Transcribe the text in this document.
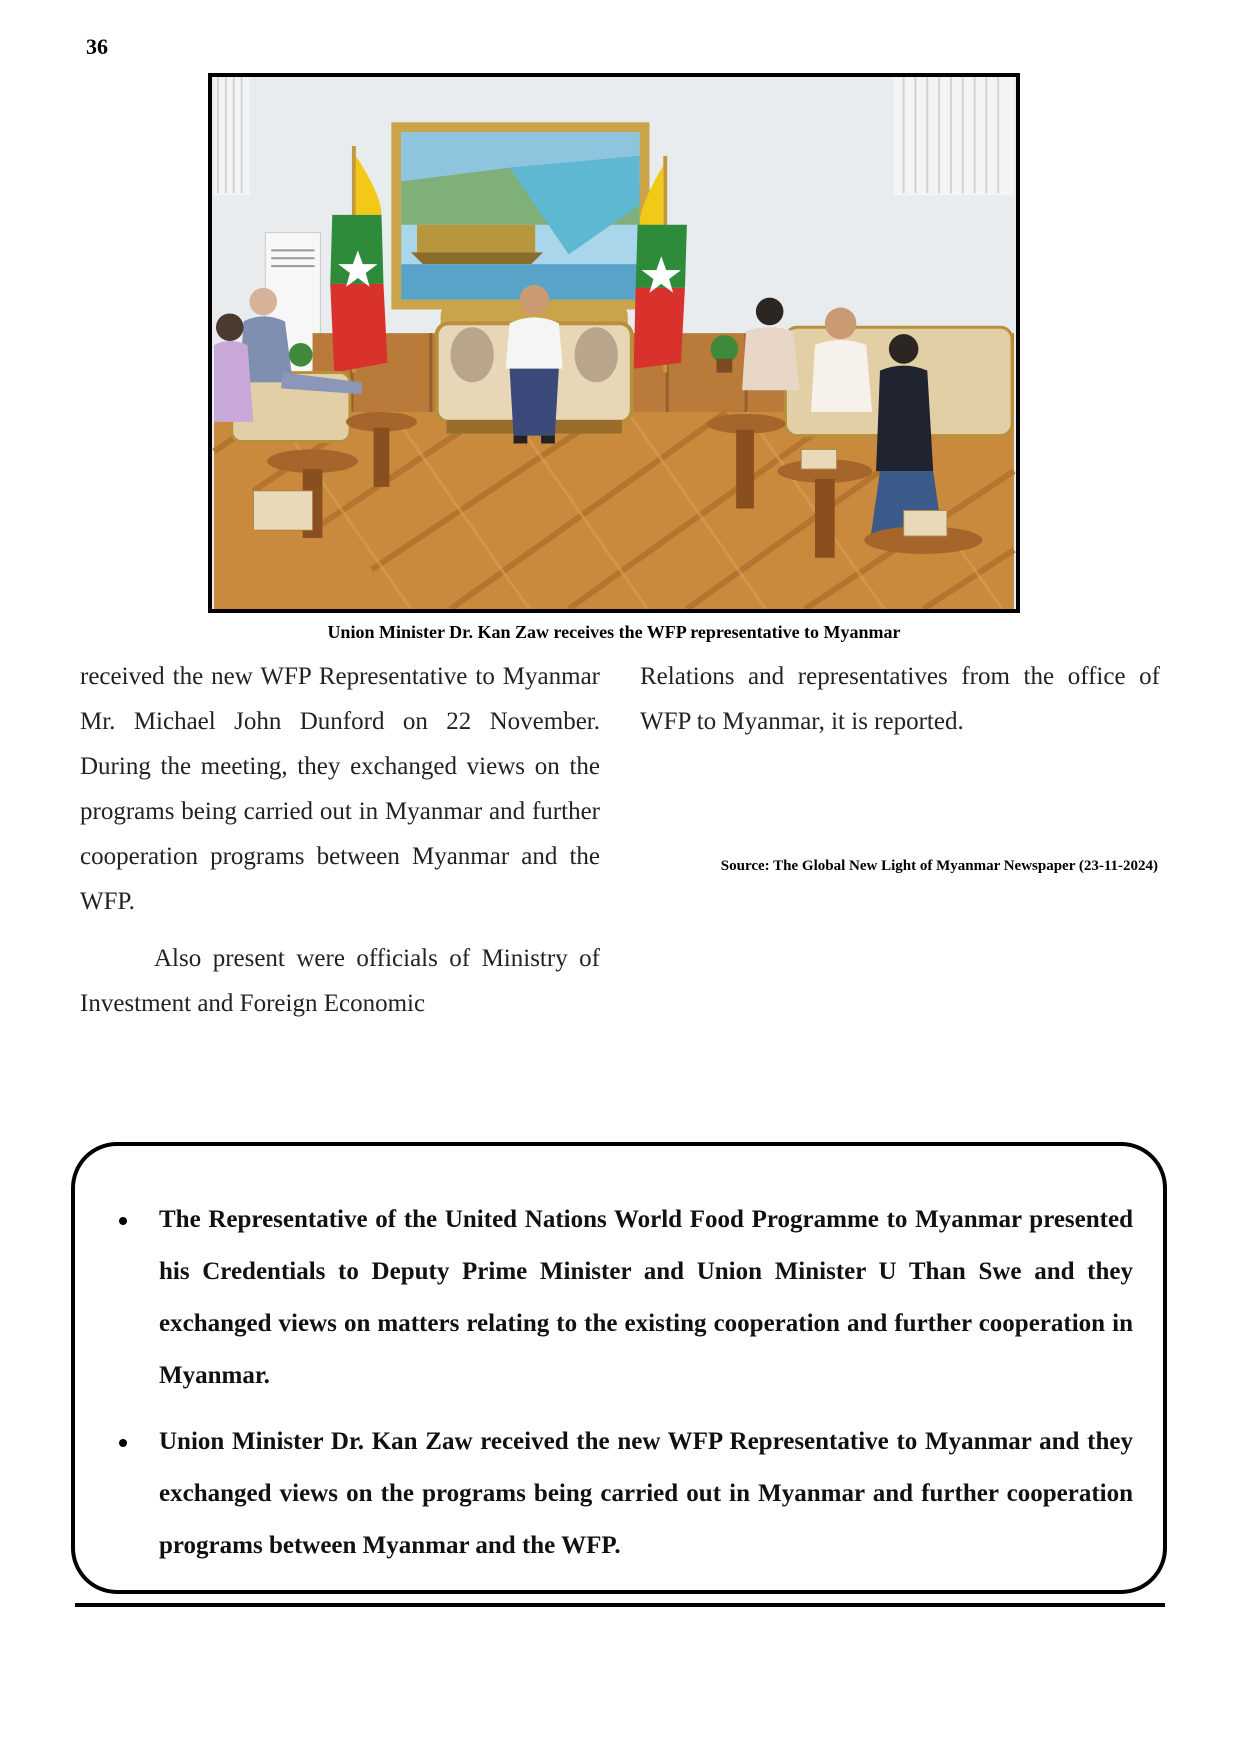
36
Union Minister Dr. Kan Zaw receives the WFP representative to Myanmar

received the new WFP Representative to Myanmar Mr. Michael John Dunford on 22 November. During the meeting, they exchanged views on the programs being carried out in Myanmar and further cooperation programs between Myanmar and the WFP.

Also present were officials of Ministry of Investment and Foreign Economic

Relations and representatives from the office of WFP to Myanmar, it is reported.

Source: The Global New Light of Myanmar Newspaper (23-11-2024)
The Representative of the United Nations World Food Programme to Myanmar presented his Credentials to Deputy Prime Minister and Union Minister U Than Swe and they exchanged views on matters relating to the existing cooperation and further cooperation in Myanmar.
Union Minister Dr. Kan Zaw received the new WFP Representative to Myanmar and they exchanged views on the programs being carried out in Myanmar and further cooperation programs between Myanmar and the WFP.
